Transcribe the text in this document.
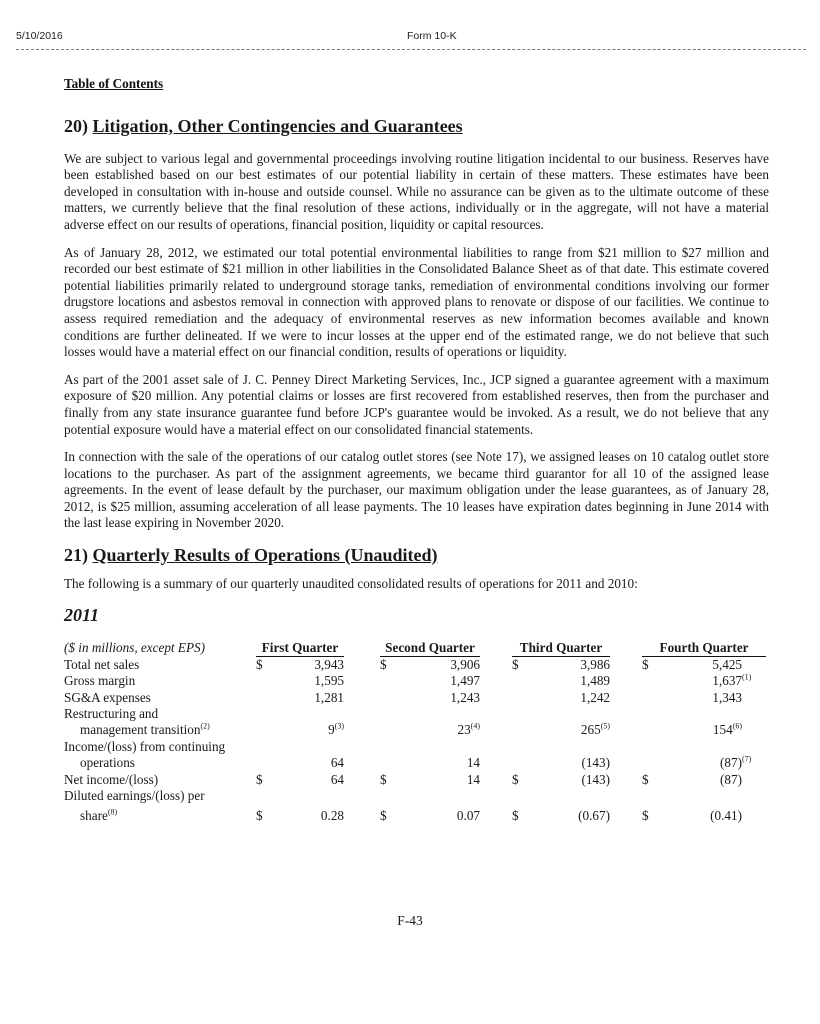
5/10/2016	Form 10-K
Table of Contents
20) Litigation, Other Contingencies and Guarantees

We are subject to various legal and governmental proceedings involving routine litigation incidental to our business. Reserves have been established based on our best estimates of our potential liability in certain of these matters. These estimates have been developed in consultation with in-house and outside counsel. While no assurance can be given as to the ultimate outcome of these matters, we currently believe that the final resolution of these actions, individually or in the aggregate, will not have a material adverse effect on our results of operations, financial position, liquidity or capital resources.

As of January 28, 2012, we estimated our total potential environmental liabilities to range from $21 million to $27 million and recorded our best estimate of $21 million in other liabilities in the Consolidated Balance Sheet as of that date. This estimate covered potential liabilities primarily related to underground storage tanks, remediation of environmental conditions involving our former drugstore locations and asbestos removal in connection with approved plans to renovate or dispose of our facilities. We continue to assess required remediation and the adequacy of environmental reserves as new information becomes available and known conditions are further delineated. If we were to incur losses at the upper end of the estimated range, we do not believe that such losses would have a material effect on our financial condition, results of operations or liquidity.

As part of the 2001 asset sale of J. C. Penney Direct Marketing Services, Inc., JCP signed a guarantee agreement with a maximum exposure of $20 million. Any potential claims or losses are first recovered from established reserves, then from the purchaser and finally from any state insurance guarantee fund before JCP's guarantee would be invoked. As a result, we do not believe that any potential exposure would have a material effect on our consolidated financial statements.

In connection with the sale of the operations of our catalog outlet stores (see Note 17), we assigned leases on 10 catalog outlet store locations to the purchaser. As part of the assignment agreements, we became third guarantor for all 10 of the assigned lease agreements. In the event of lease default by the purchaser, our maximum obligation under the lease guarantees, as of January 28, 2012, is $25 million, assuming acceleration of all lease payments. The 10 leases have expiration dates beginning in June 2014 with the last lease expiring in November 2020.

21) Quarterly Results of Operations (Unaudited)

The following is a summary of our quarterly unaudited consolidated results of operations for 2011 and 2010:

2011
($ in millions, except EPS)		First Quarter			Second Quarter			Third Quarter			Fourth Quarter		
Total net sales		$	3,943		$	3,906		$	3,986		$	5,425	
Gross margin			1,595			1,497			1,489			1,637	$^{(1)}$
SG&A expenses			1,281			1,243			1,242			1,343	
Restructuring and													
management transition$^{(2)}$			9$^{(3)}$			23$^{(4)}$			265$^{(5)}$			154$^{(6)}$	
Income/(loss) from continuing													
operations			64			14			(143)			(87)	$^{(7)}$
Net income/(loss)		$	64		$	14		$	(143)		$	(87)	
Diluted earnings/(loss) per													

share$^{(8)}$		$	0.28		$	0.07		$	(0.67)		$	(0.41)	
F-43
